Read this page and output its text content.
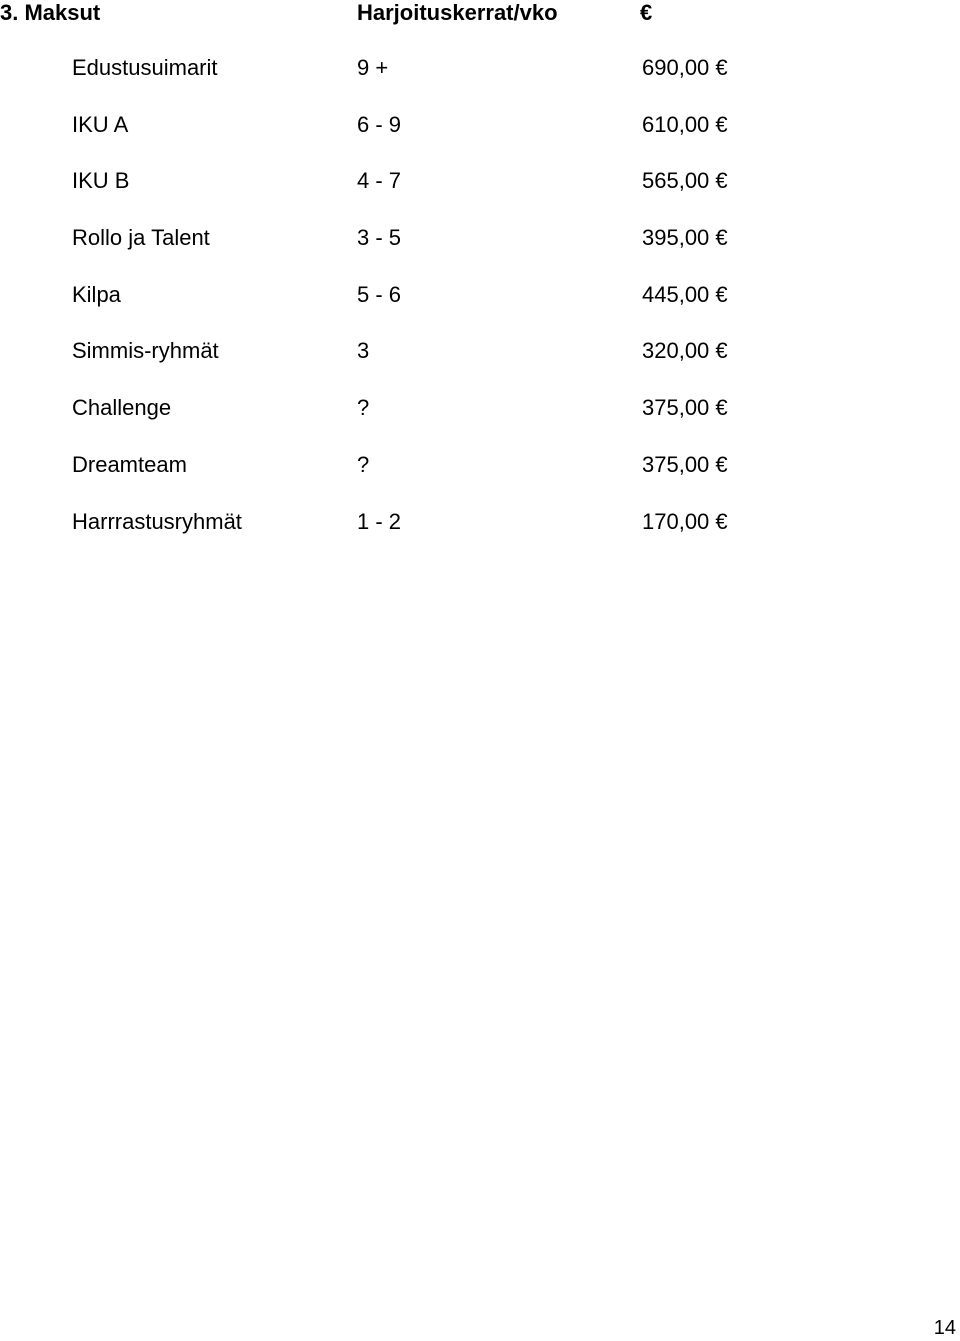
3. Maksut	Harjoituskerrat/vko	€
Edustusuimarit	9 +	690,00 €
IKU A	6 - 9	610,00 €
IKU B	4 - 7	565,00 €
Rollo ja Talent	3 - 5	395,00 €
Kilpa	5 - 6	445,00 €
Simmis-ryhmät	3	320,00 €
Challenge	?	375,00 €
Dreamteam	?	375,00 €
Harrrastusryhmät	1 - 2	170,00 €
14
